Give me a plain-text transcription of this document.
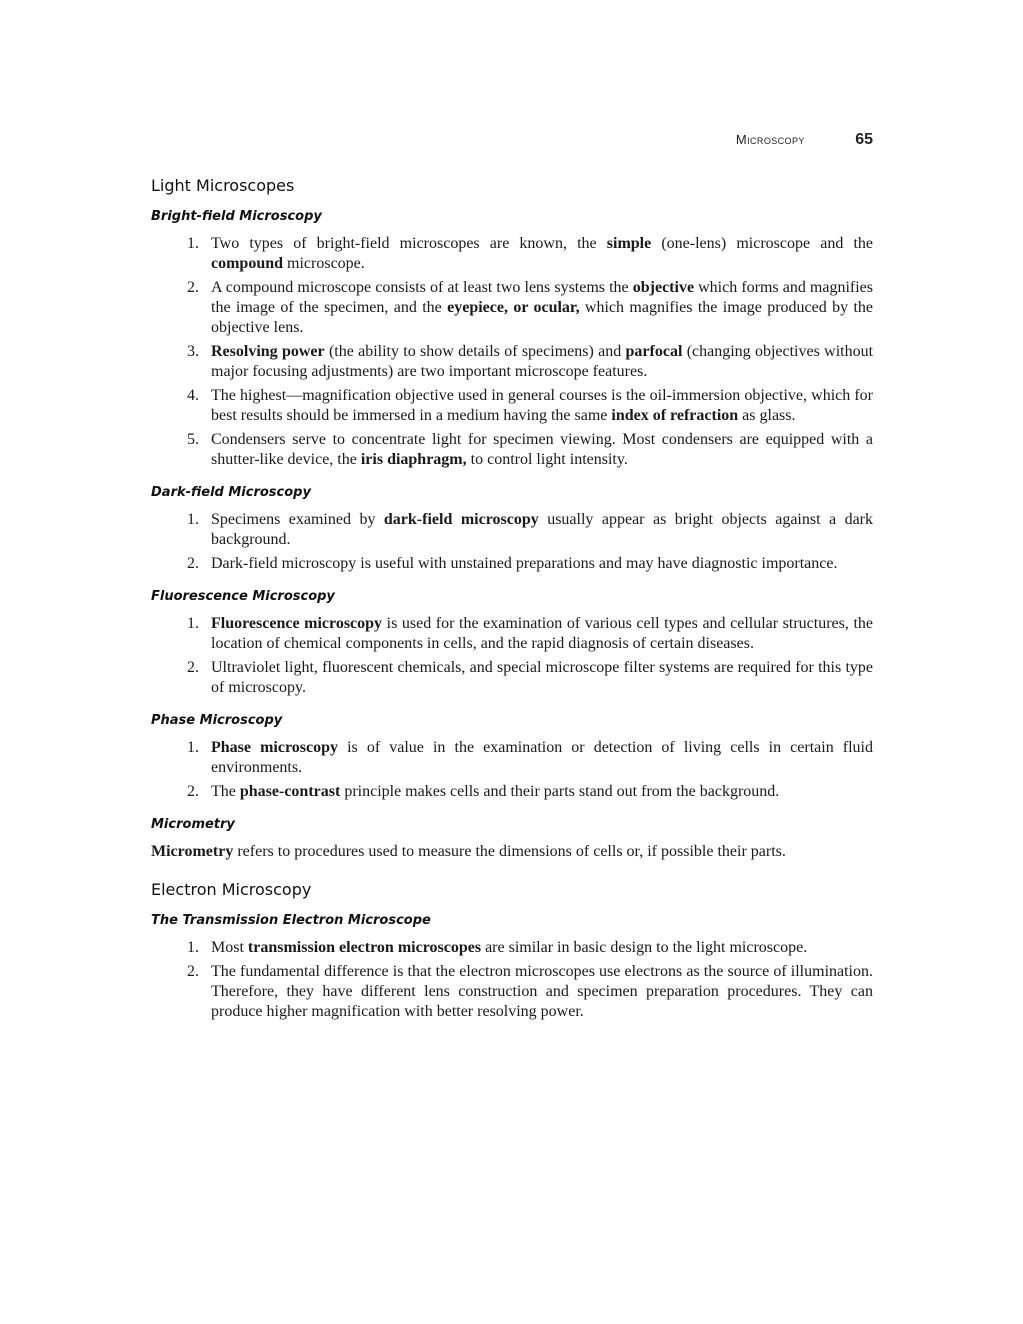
Microscopy	65
Light Microscopes
Bright-field Microscopy
1. Two types of bright-field microscopes are known, the simple (one-lens) microscope and the compound microscope.
2. A compound microscope consists of at least two lens systems the objective which forms and magnifies the image of the specimen, and the eyepiece, or ocular, which magnifies the image produced by the objective lens.
3. Resolving power (the ability to show details of specimens) and parfocal (changing objectives without major focusing adjustments) are two important microscope features.
4. The highest—magnification objective used in general courses is the oil-immersion objective, which for best results should be immersed in a medium having the same index of refraction as glass.
5. Condensers serve to concentrate light for specimen viewing. Most condensers are equipped with a shutter-like device, the iris diaphragm, to control light intensity.
Dark-field Microscopy
1. Specimens examined by dark-field microscopy usually appear as bright objects against a dark background.
2. Dark-field microscopy is useful with unstained preparations and may have diagnostic importance.
Fluorescence Microscopy
1. Fluorescence microscopy is used for the examination of various cell types and cellular structures, the location of chemical components in cells, and the rapid diagnosis of certain diseases.
2. Ultraviolet light, fluorescent chemicals, and special microscope filter systems are required for this type of microscopy.
Phase Microscopy
1. Phase microscopy is of value in the examination or detection of living cells in certain fluid environments.
2. The phase-contrast principle makes cells and their parts stand out from the background.
Micrometry

Micrometry refers to procedures used to measure the dimensions of cells or, if possible their parts.

Electron Microscopy
The Transmission Electron Microscope
1. Most transmission electron microscopes are similar in basic design to the light microscope.
2. The fundamental difference is that the electron microscopes use electrons as the source of illumination. Therefore, they have different lens construction and specimen preparation procedures. They can produce higher magnification with better resolving power.
